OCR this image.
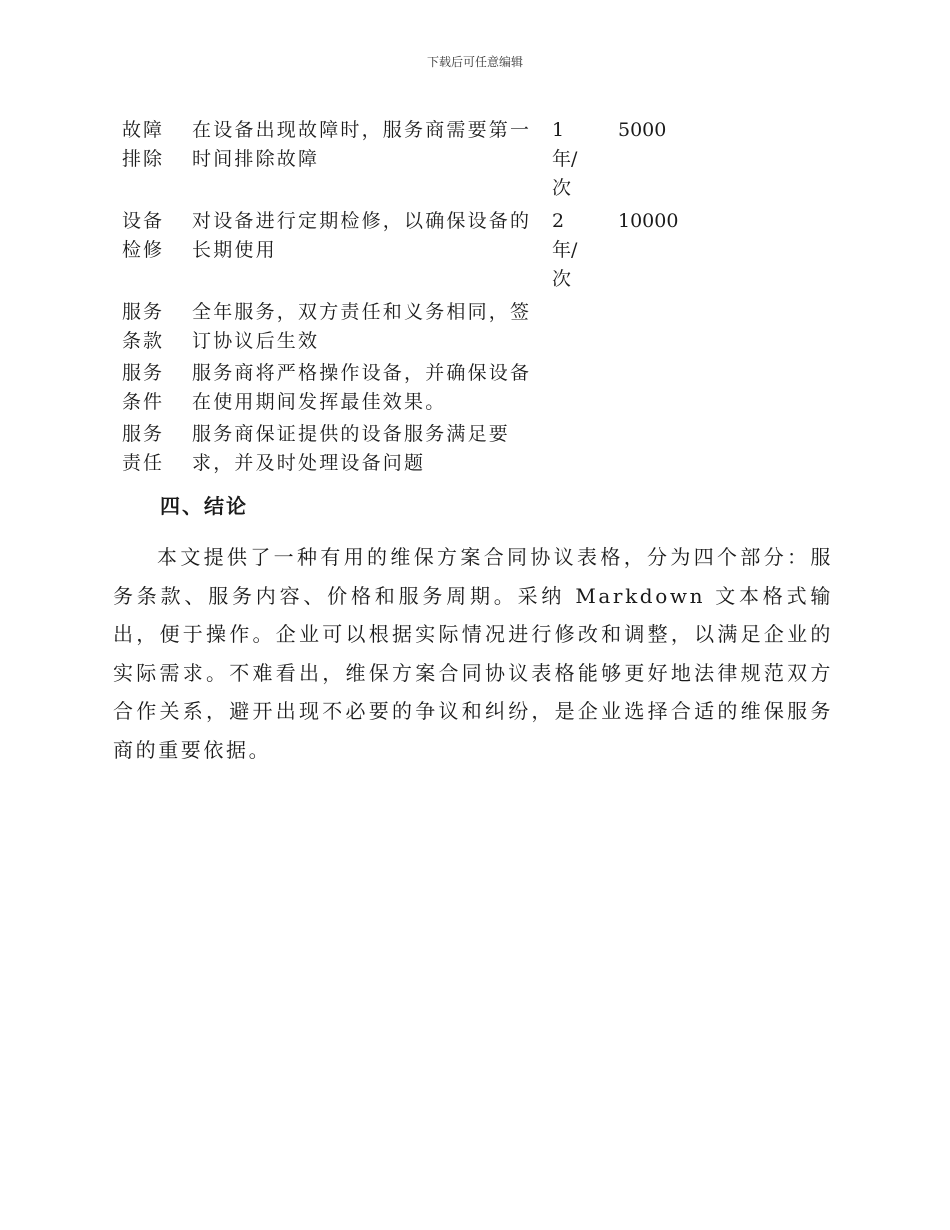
下载后可任意编辑
故障排除	在设备出现故障时，服务商需要第一时间排除故障	1 年/次	5000

设备检修	对设备进行定期检修，以确保设备的长期使用	2 年/次	10000

服务条款	全年服务，双方责任和义务相同，签订协议后生效		

服务条件	服务商将严格操作设备，并确保设备在使用期间发挥最佳效果。		

服务责任	服务商保证提供的设备服务满足要求，并及时处理设备问题		

四、结论

本文提供了一种有用的维保方案合同协议表格，分为四个部分：服务条款、服务内容、价格和服务周期。采纳 Markdown 文本格式输出，便于操作。企业可以根据实际情况进行修改和调整，以满足企业的实际需求。不难看出，维保方案合同协议表格能够更好地法律规范双方合作关系，避开出现不必要的争议和纠纷，是企业选择合适的维保服务商的重要依据。
